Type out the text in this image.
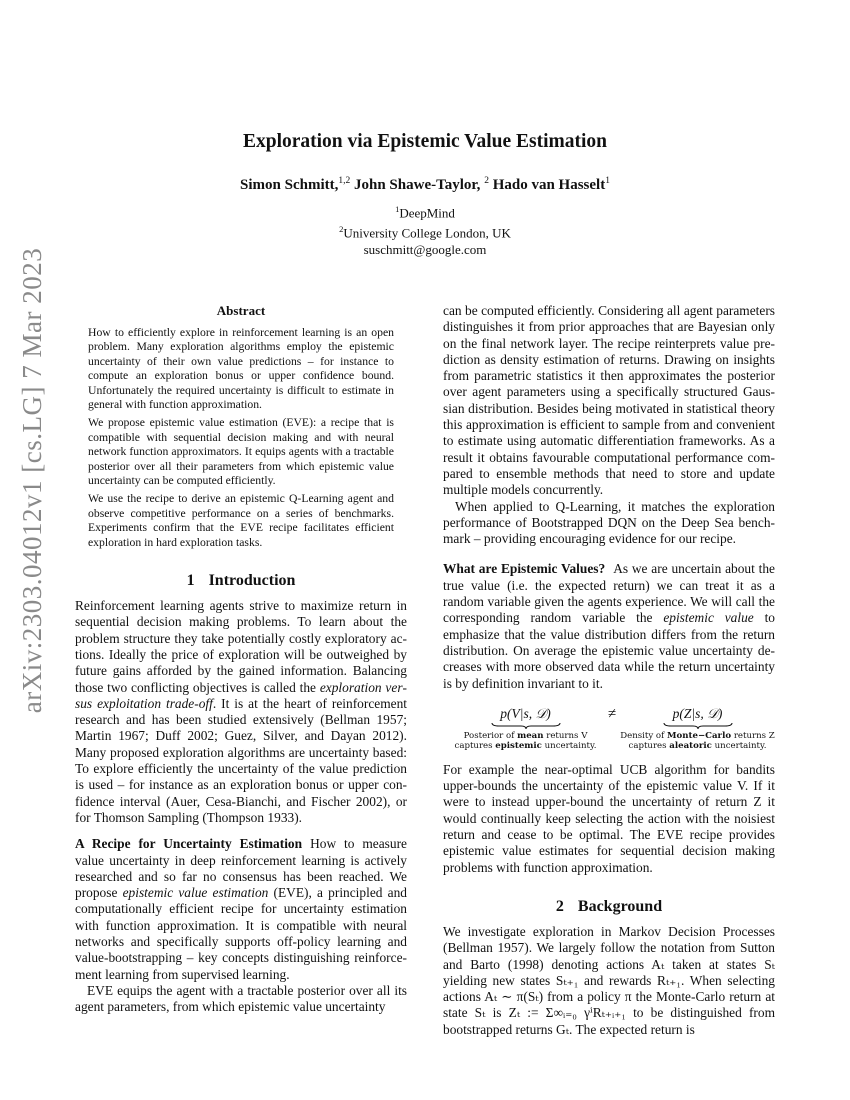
arXiv:2303.04012v1 [cs.LG] 7 Mar 2023
Exploration via Epistemic Value Estimation
Simon Schmitt,$^{1,2}$ John Shawe-Taylor, $^2$ Hado van Hasselt$^1$
$^1$DeepMind
$^2$University College London, UK
suschmitt@google.com
Abstract

How to efficiently explore in reinforcement learning is an open problem. Many exploration algorithms employ the epistemic uncertainty of their own value predictions – for instance to compute an exploration bonus or upper confidence bound. Unfortunately the required uncertainty is difficult to estimate in general with function approximation.

We propose epistemic value estimation (EVE): a recipe that is compatible with sequential decision making and with neural network function approximators. It equips agents with a tractable posterior over all their parameters from which epistemic value uncertainty can be computed efficiently.

We use the recipe to derive an epistemic Q-Learning agent and observe competitive performance on a series of benchmarks. Experiments confirm that the EVE recipe facilitates efficient exploration in hard exploration tasks.

1 Introduction

Reinforcement learning agents strive to maximize return in sequential decision making problems. To learn about the problem structure they take potentially costly exploratory actions. Ideally the price of exploration will be outweighed by future gains afforded by the gained information. Balancing those two conflicting objectives is called the exploration versus exploitation trade-off. It is at the heart of reinforcement research and has been studied extensively (Bellman 1957; Martin 1967; Duff 2002; Guez, Silver, and Dayan 2012). Many proposed exploration algorithms are uncertainty based: To explore efficiently the uncertainty of the value prediction is used – for instance as an exploration bonus or upper confidence interval (Auer, Cesa-Bianchi, and Fischer 2002), or for Thomson Sampling (Thompson 1933).

A Recipe for Uncertainty Estimation How to measure value uncertainty in deep reinforcement learning is actively researched and so far no consensus has been reached. We propose epistemic value estimation (EVE), a principled and computationally efficient recipe for uncertainty estimation with function approximation. It is compatible with neural networks and specifically supports off-policy learning and value-bootstrapping – key concepts distinguishing reinforcement learning from supervised learning.

EVE equips the agent with a tractable posterior over all its agent parameters, from which epistemic value uncertainty

can be computed efficiently. Considering all agent parameters distinguishes it from prior approaches that are Bayesian only on the final network layer. The recipe reinterprets value prediction as density estimation of returns. Drawing on insights from parametric statistics it then approximates the posterior over agent parameters using a specifically structured Gaussian distribution. Besides being motivated in statistical theory this approximation is efficient to sample from and convenient to estimate using automatic differentiation frameworks. As a result it obtains favourable computational performance compared to ensemble methods that need to store and update multiple models concurrently.

When applied to Q-Learning, it matches the exploration performance of Bootstrapped DQN on the Deep Sea benchmark – providing encouraging evidence for our recipe.

What are Epistemic Values? As we are uncertain about the true value (i.e. the expected return) we can treat it as a random variable given the agents experience. We will call the corresponding random variable the epistemic value to emphasize that the value distribution differs from the return distribution. On average the epistemic value uncertainty decreases with more observed data while the return uncertainty is by definition invariant to it.

p(V|s, 𝒟)
Posterior of mean returns V
captures epistemic uncertainty.
≠	p(Z|s, 𝒟)
Density of Monte−Carlo returns Z
captures aleatoric uncertainty.

For example the near-optimal UCB algorithm for bandits upper-bounds the uncertainty of the epistemic value V. If it were to instead upper-bound the uncertainty of return Z it would continually keep selecting the action with the noisiest return and cease to be optimal. The EVE recipe provides epistemic value estimates for sequential decision making problems with function approximation.

2 Background

We investigate exploration in Markov Decision Processes (Bellman 1957). We largely follow the notation from Sutton and Barto (1998) denoting actions Aₜ taken at states Sₜ yielding new states Sₜ₊₁ and rewards Rₜ₊₁. When selecting actions Aₜ ∼ π(Sₜ) from a policy π the Monte-Carlo return at state Sₜ is Zₜ := Σ∞ᵢ₌₀ γⁱRₜ₊ᵢ₊₁ to be distinguished from bootstrapped returns Gₜ. The expected return is
